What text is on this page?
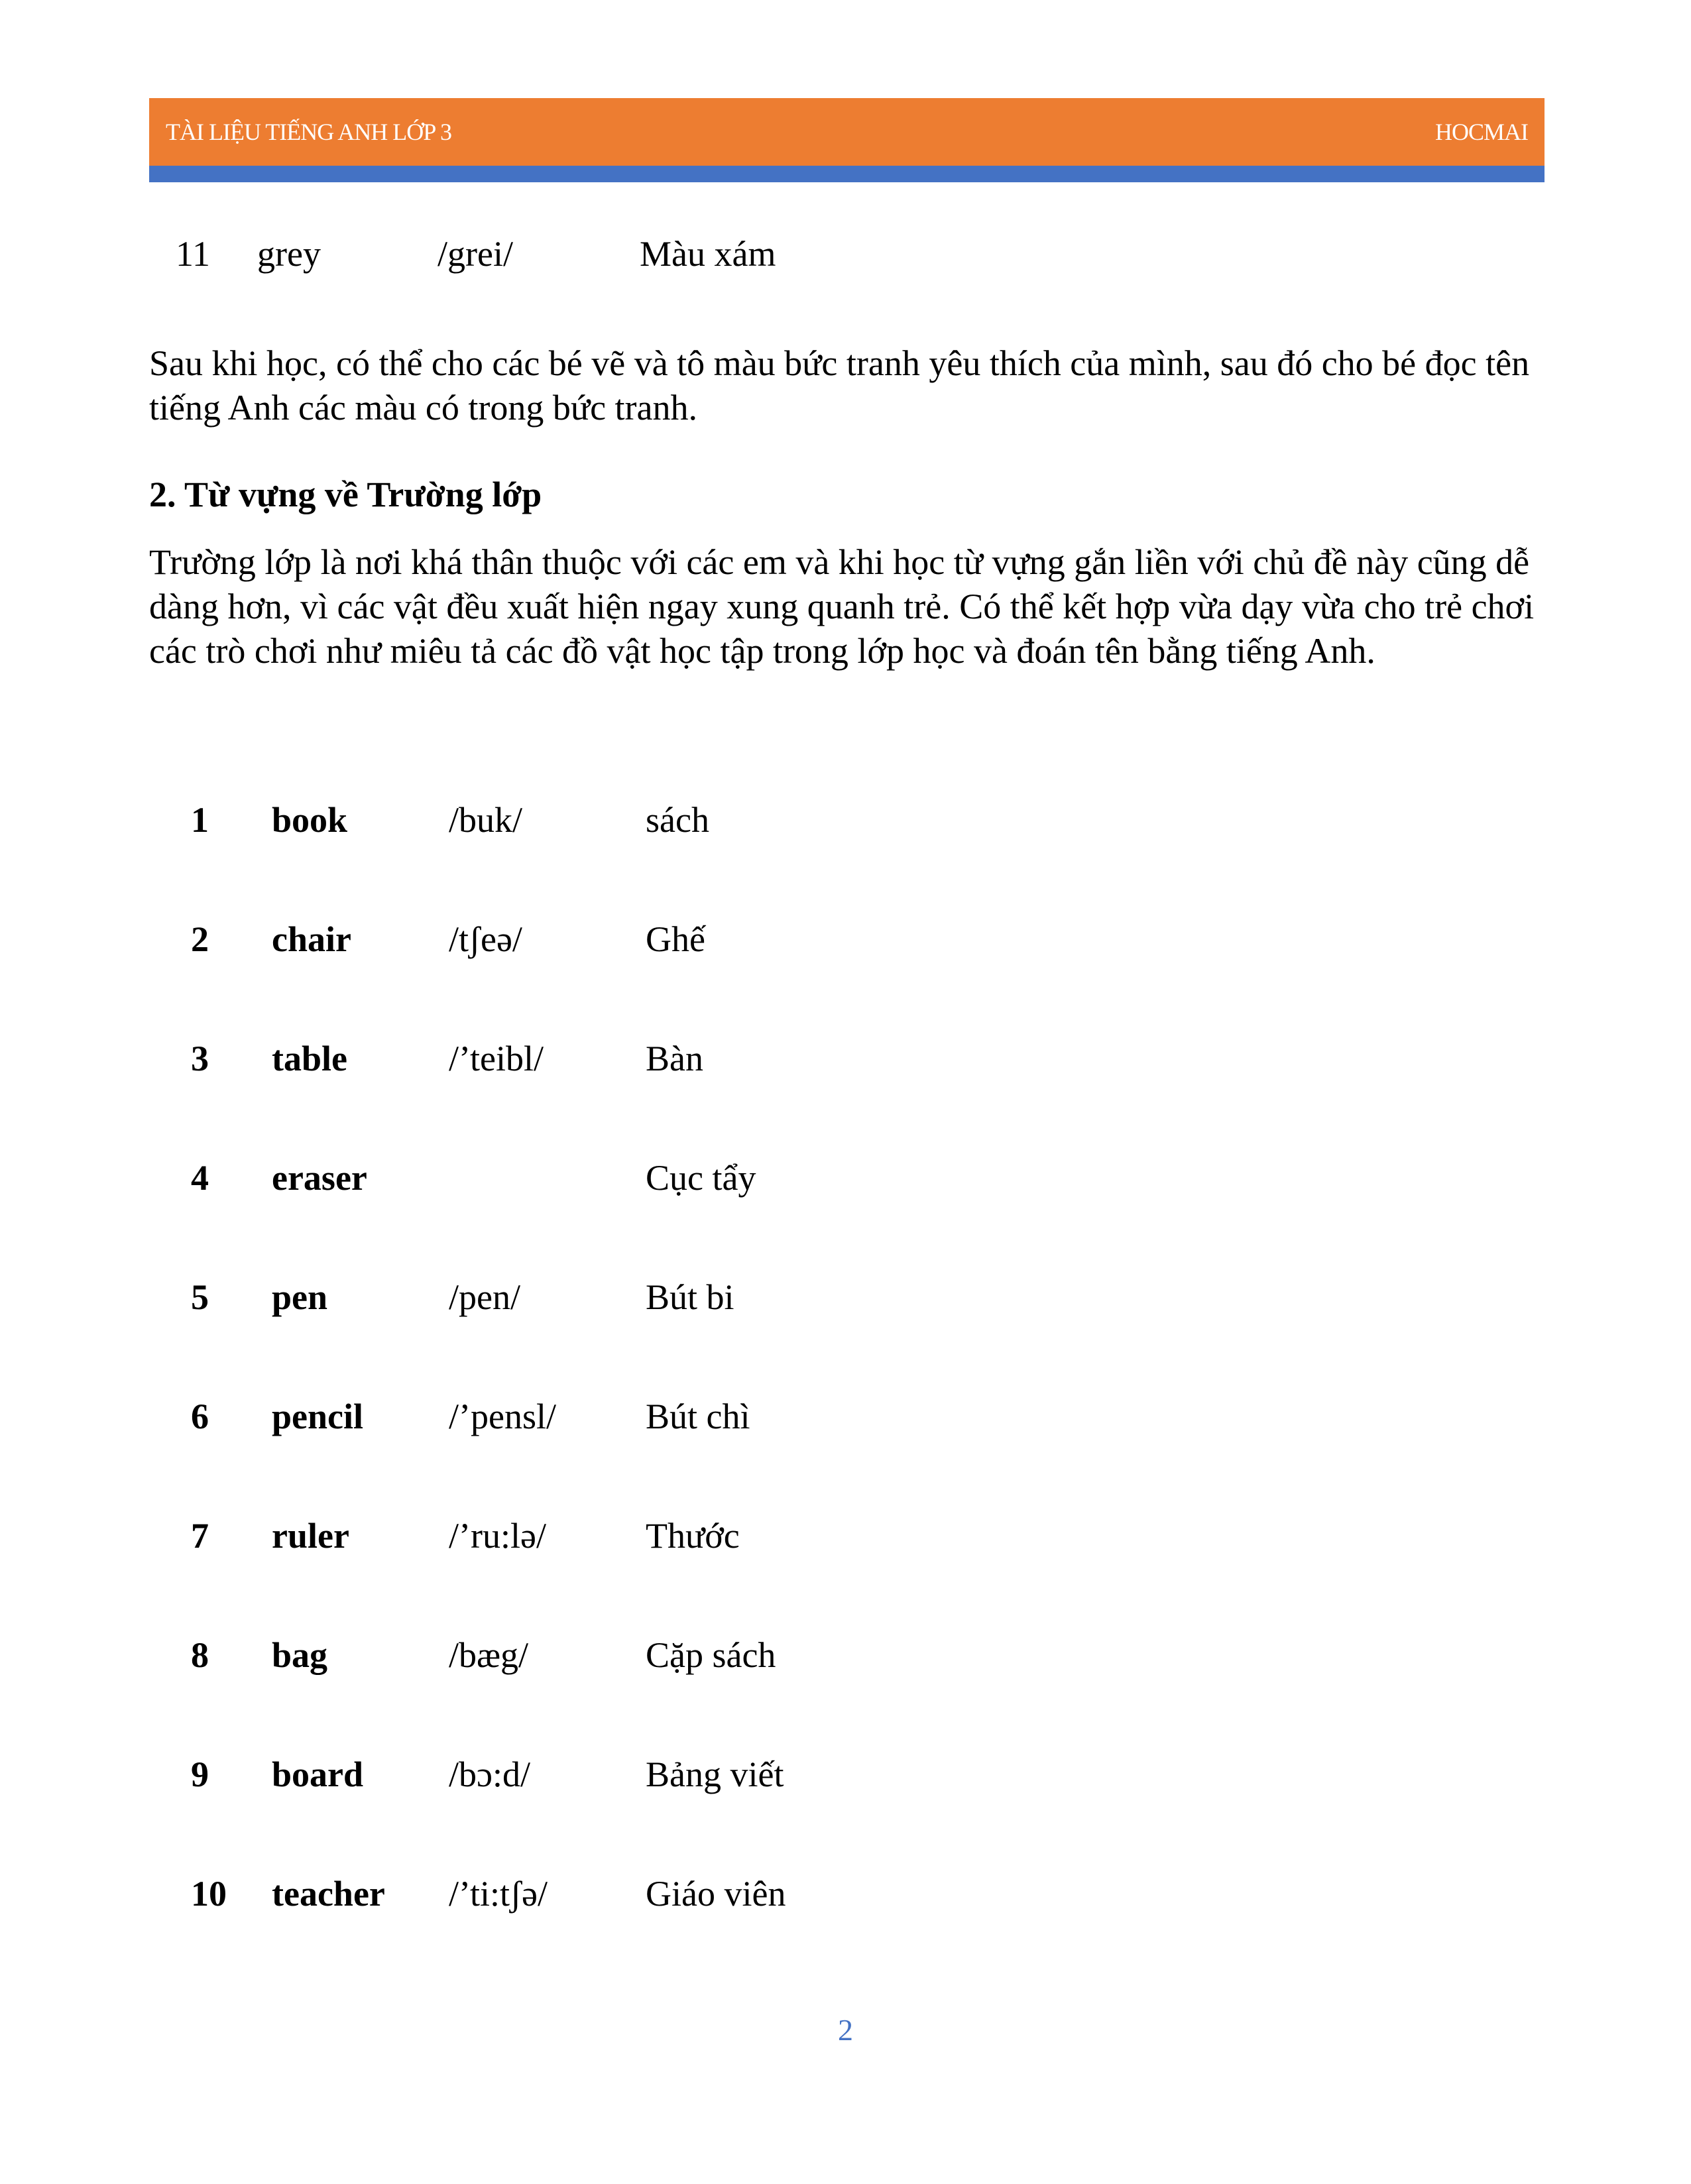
TÀI LIỆU TIẾNG ANH LỚP 3	HOCMAI
11 grey	/grei/	Màu xám
Sau khi học, có thể cho các bé vẽ và tô màu bức tranh yêu thích của mình, sau đó cho bé đọc tên tiếng Anh các màu có trong bức tranh.
2. Từ vựng về Trường lớp
Trường lớp là nơi khá thân thuộc với các em và khi học từ vựng gắn liền với chủ đề này cũng dễ dàng hơn, vì các vật đều xuất hiện ngay xung quanh trẻ. Có thể kết hợp vừa dạy vừa cho trẻ chơi các trò chơi như miêu tả các đồ vật học tập trong lớp học và đoán tên bằng tiếng Anh.
1 book	/buk/	sách
2 chair	/tʃeə/	Ghế
3 table	/’teibl/	Bàn
4 eraser	Cục tẩy
5 pen	/pen/	Bút bi
6 pencil /’pensl/	Bút chì
7 ruler	/’ru:lə/	Thước
8 bag	/bæg/	Cặp sách
9 board /bɔ:d/	Bảng viết
10 teacher /’ti:tʃə/	Giáo viên
2
